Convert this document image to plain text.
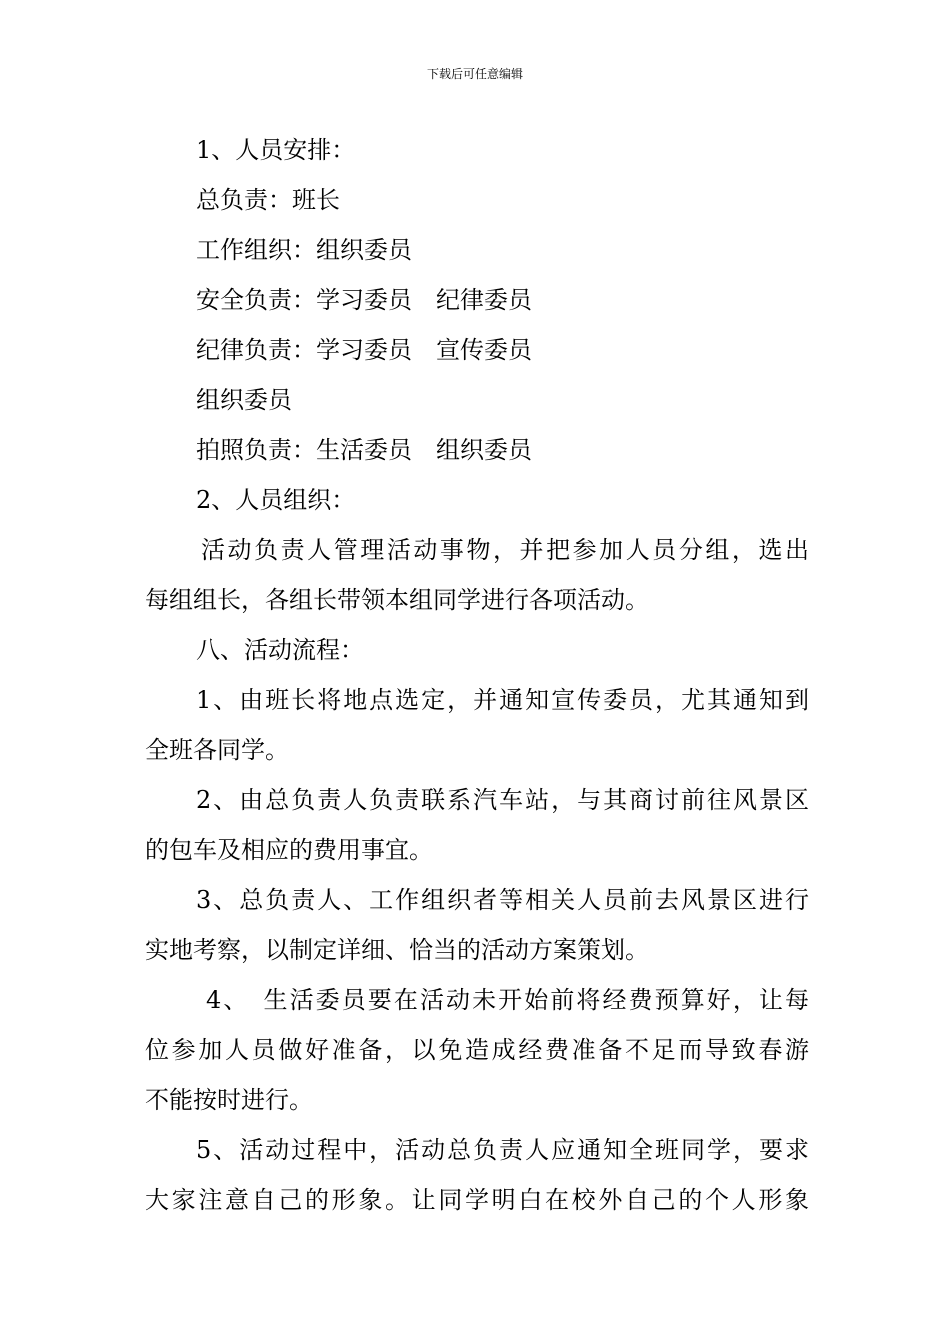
下载后可任意编辑

1、人员安排：

总负责：班长

工作组织：组织委员

安全负责：学习委员　纪律委员

纪律负责：学习委员　宣传委员

组织委员

拍照负责：生活委员　组织委员

2、人员组织：

活动负责人管理活动事物，并把参加人员分组，选出

每组组长，各组长带领本组同学进行各项活动。

八、活动流程：

1、由班长将地点选定，并通知宣传委员，尤其通知到

全班各同学。

2、由总负责人负责联系汽车站，与其商讨前往风景区

的包车及相应的费用事宜。

3、总负责人、工作组织者等相关人员前去风景区进行

实地考察，以制定详细、恰当的活动方案策划。

4、　生活委员要在活动未开始前将经费预算好，让每

位参加人员做好准备，以免造成经费准备不足而导致春游

不能按时进行。

5、活动过程中，活动总负责人应通知全班同学，要求

大家注意自己的形象。让同学明白在校外自己的个人形象
